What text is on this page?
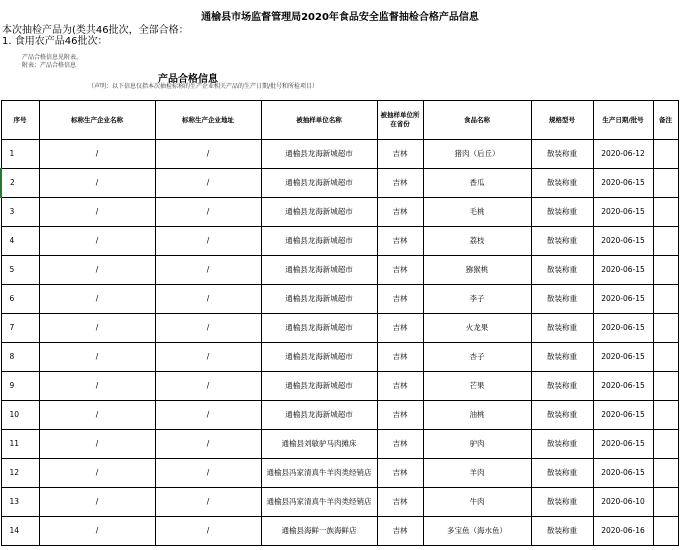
通榆县市场监督管理局2020年食品安全监督抽检合格产品信息
本次抽检产品为(类共46批次，全部合格：
1. 食用农产品46批次：
产品合格信息见附表。
附表：产品合格信息
产品合格信息
（声明：以下信息仅指本次抽检标称的生产企业相关产品的生产日期/批号和所检项目）
序号	标称生产企业名称	标称生产企业地址	被抽样单位名称	被抽样单位所在省份	食品名称	规格型号	生产日期/批号	备注
1	/	/	通榆县龙海新城超市	吉林	猪肉（后丘）	散装称重	2020-06-12	
2	/	/	通榆县龙海新城超市	吉林	香瓜	散装称重	2020-06-15	
3	/	/	通榆县龙海新城超市	吉林	毛桃	散装称重	2020-06-15	
4	/	/	通榆县龙海新城超市	吉林	荔枝	散装称重	2020-06-15	
5	/	/	通榆县龙海新城超市	吉林	猕猴桃	散装称重	2020-06-15	
6	/	/	通榆县龙海新城超市	吉林	李子	散装称重	2020-06-15	
7	/	/	通榆县龙海新城超市	吉林	火龙果	散装称重	2020-06-15	
8	/	/	通榆县龙海新城超市	吉林	杏子	散装称重	2020-06-15	
9	/	/	通榆县龙海新城超市	吉林	芒果	散装称重	2020-06-15	
10	/	/	通榆县龙海新城超市	吉林	油桃	散装称重	2020-06-15	
11	/	/	通榆县刘敏驴马肉摊床	吉林	驴肉	散装称重	2020-06-15	
12	/	/	通榆县冯家清真牛羊肉类经销店	吉林	羊肉	散装称重	2020-06-15	
13	/	/	通榆县冯家清真牛羊肉类经销店	吉林	牛肉	散装称重	2020-06-10	
14	/	/	通榆县海鲜一族海鲜店	吉林	多宝鱼（海水鱼）	散装称重	2020-06-16	
